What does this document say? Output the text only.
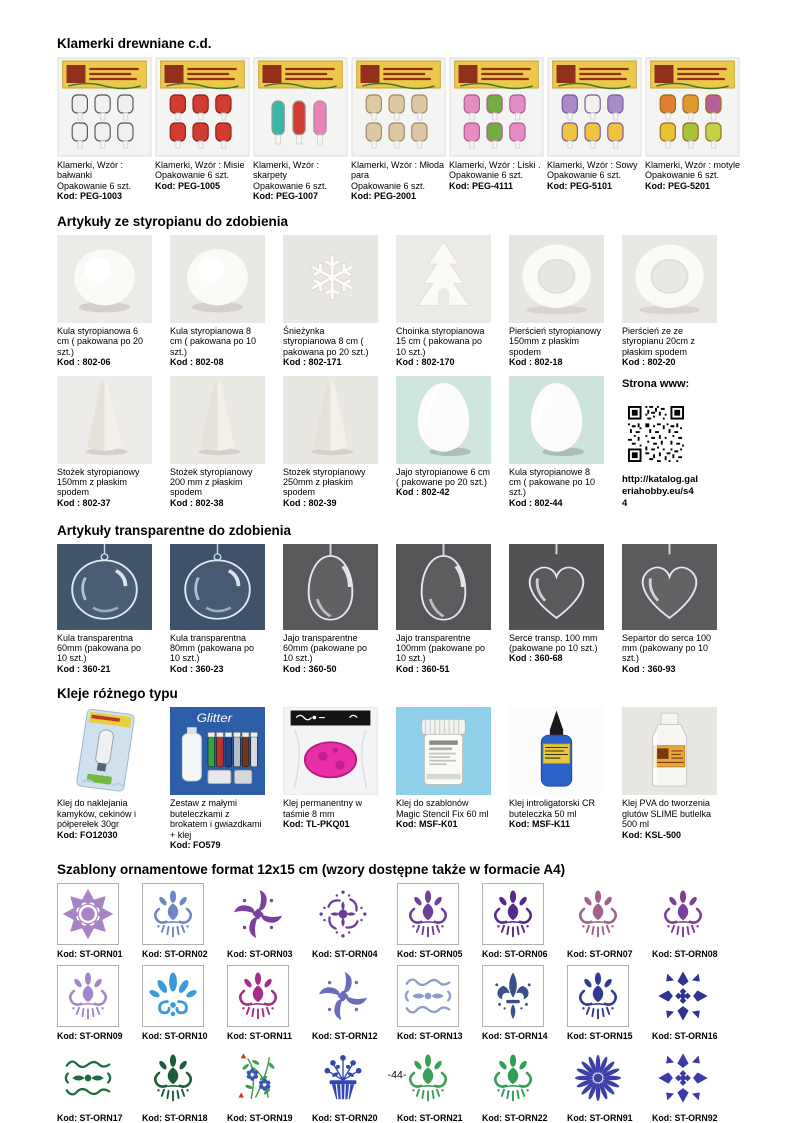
Klamerki drewniane c.d.
Klamerki, Wzór : bałwanki
Opakowanie 6 szt.
Kod: PEG-1003
Klamerki, Wzór : Misie
Opakowanie 6 szt.
Kod: PEG-1005
Klamerki, Wzór : skarpety
Opakowanie 6 szt.
Kod: PEG-1007
Klamerki, Wzór : Młoda para
Opakowanie 6 szt.
Kod: PEG-2001
Klamerki, Wzór : Liski .
Opakowanie 6 szt.
Kod: PEG-4111
Klamerki, Wzór : Sowy
Opakowanie 6 szt.
Kod: PEG-5101
Klamerki, Wzór : motyle
Opakowanie 6 szt.
Kod: PEG-5201
Artykuły ze styropianu do zdobienia
Kula styropianowa 6 cm ( pakowana po 20 szt.)
Kod : 802-06
Kula styropianowa 8 cm ( pakowana po 10 szt.)
Kod : 802-08
❄
Śnieżynka styropianowa 8 cm ( pakowana po 20 szt.)
Kod : 802-171
Choinka styropianowa 15 cm ( pakowana po 10 szt.)
Kod : 802-170
Pierścień styropianowy 150mm z płaskim spodem
Kod : 802-18
Pierścień ze ze styropianu 20cm z płaskim spodem
Kod : 802-20
Stożek styropianowy 150mm z płaskim spodem
Kod : 802-37
Stożek styropianowy 200 mm z płaskim spodem
Kod : 802-38
Stożek styropianowy 250mm z płaskim spodem
Kod : 802-39
Jajo styropianowe 6 cm ( pakowane po 20 szt.)
Kod : 802-42
Kula styropianowe 8 cm ( pakowane po 10 szt.)
Kod : 802-44
Strona www:
http://katalog.galeriahobby.eu/s44
Artykuły transparentne do zdobienia
Kula transparentna 60mm (pakowana po 10 szt.)
Kod : 360-21
Kula transparentna 80mm (pakowana po 10 szt.)
Kod : 360-23
Jajo transparentne 60mm (pakowane po 10 szt.)
Kod : 360-50
Jajo transparentne 100mm (pakowane po 10 szt.)
Kod : 360-51
Serce transp. 100 mm (pakowane po 10 szt.)
Kod : 360-68
Separtor do serca 100 mm (pakowany po 10 szt.)
Kod : 360-93
Kleje różnego typu
Klej do naklejania kamyków, cekinów i półperełek 30gr
Kod: FO12030
Glitter
Zestaw z małymi buteleczkami z brokatem i gwiazdkami + klej
Kod: FO579
Klej permanentny w taśmie 8 mm
Kod: TL-PKQ01
Klej do szablonów Magic Stencil Fix 60 ml
Kod: MSF-K01
Klej introligatorski CR buteleczka 50 ml
Kod: MSF-K11
Klej PVA do tworzenia glutów SLIME butlelka 500 ml
Kod: KSL-500
Szablony ornamentowe format 12x15 cm (wzory dostępne także w formacie A4)
Kod: ST-ORN01	Kod: ST-ORN02	Kod: ST-ORN03	Kod: ST-ORN04	Kod: ST-ORN05	Kod: ST-ORN06	Kod: ST-ORN07	Kod: ST-ORN08
Kod: ST-ORN09	Kod: ST-ORN10	Kod: ST-ORN11	Kod: ST-ORN12	Kod: ST-ORN13	Kod: ST-ORN14	Kod: ST-ORN15	Kod: ST-ORN16
Kod: ST-ORN17	Kod: ST-ORN18	Kod: ST-ORN19	Kod: ST-ORN20	Kod: ST-ORN21	Kod: ST-ORN22	Kod: ST-ORN91	Kod: ST-ORN92
-44-
